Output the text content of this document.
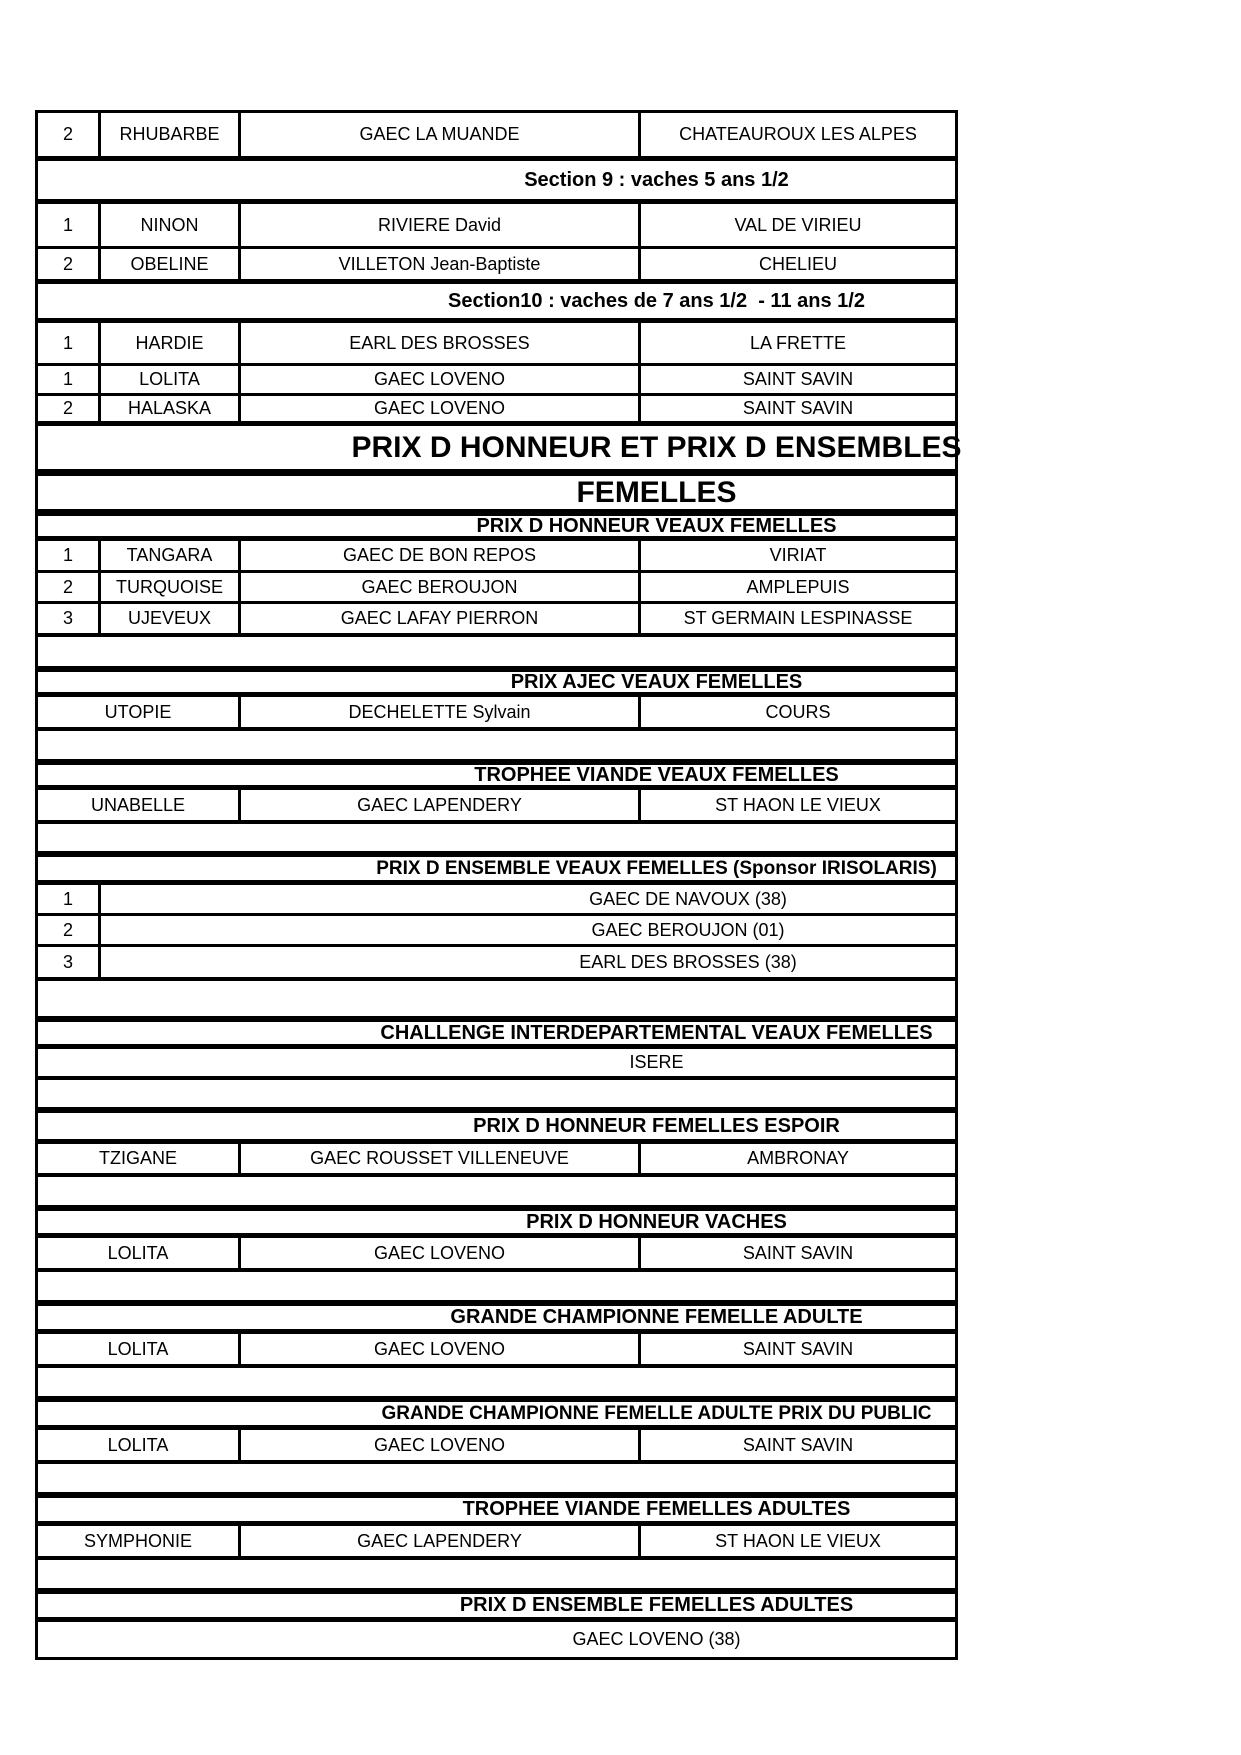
2	RHUBARBE	GAEC LA MUANDE	CHATEAUROUX LES ALPES
Section 9 : vaches 5 ans 1/2
1	NINON	RIVIERE David	VAL DE VIRIEU
2	OBELINE	VILLETON Jean-Baptiste	CHELIEU
Section10 : vaches de 7 ans 1/2  - 11 ans 1/2
1	HARDIE	EARL DES BROSSES	LA FRETTE
1	LOLITA	GAEC LOVENO	SAINT SAVIN
2	HALASKA	GAEC LOVENO	SAINT SAVIN
PRIX D HONNEUR ET PRIX D ENSEMBLES
FEMELLES
PRIX D HONNEUR VEAUX FEMELLES
1	TANGARA	GAEC DE BON REPOS	VIRIAT
2	TURQUOISE	GAEC BEROUJON	AMPLEPUIS
3	UJEVEUX	GAEC LAFAY PIERRON	ST GERMAIN LESPINASSE
PRIX AJEC VEAUX FEMELLES
UTOPIE	DECHELETTE Sylvain	COURS
TROPHEE VIANDE VEAUX FEMELLES
UNABELLE	GAEC LAPENDERY	ST HAON LE VIEUX
PRIX D ENSEMBLE VEAUX FEMELLES (Sponsor IRISOLARIS)
1	GAEC DE NAVOUX (38)
2	GAEC BEROUJON (01)
3	EARL DES BROSSES (38)
CHALLENGE INTERDEPARTEMENTAL VEAUX FEMELLES
ISERE
PRIX D HONNEUR FEMELLES ESPOIR
TZIGANE	GAEC ROUSSET VILLENEUVE	AMBRONAY
PRIX D HONNEUR VACHES
LOLITA	GAEC LOVENO	SAINT SAVIN
GRANDE CHAMPIONNE FEMELLE ADULTE
LOLITA	GAEC LOVENO	SAINT SAVIN
GRANDE CHAMPIONNE FEMELLE ADULTE PRIX DU PUBLIC
LOLITA	GAEC LOVENO	SAINT SAVIN
TROPHEE VIANDE FEMELLES ADULTES
SYMPHONIE	GAEC LAPENDERY	ST HAON LE VIEUX
PRIX D ENSEMBLE FEMELLES ADULTES
GAEC LOVENO (38)
